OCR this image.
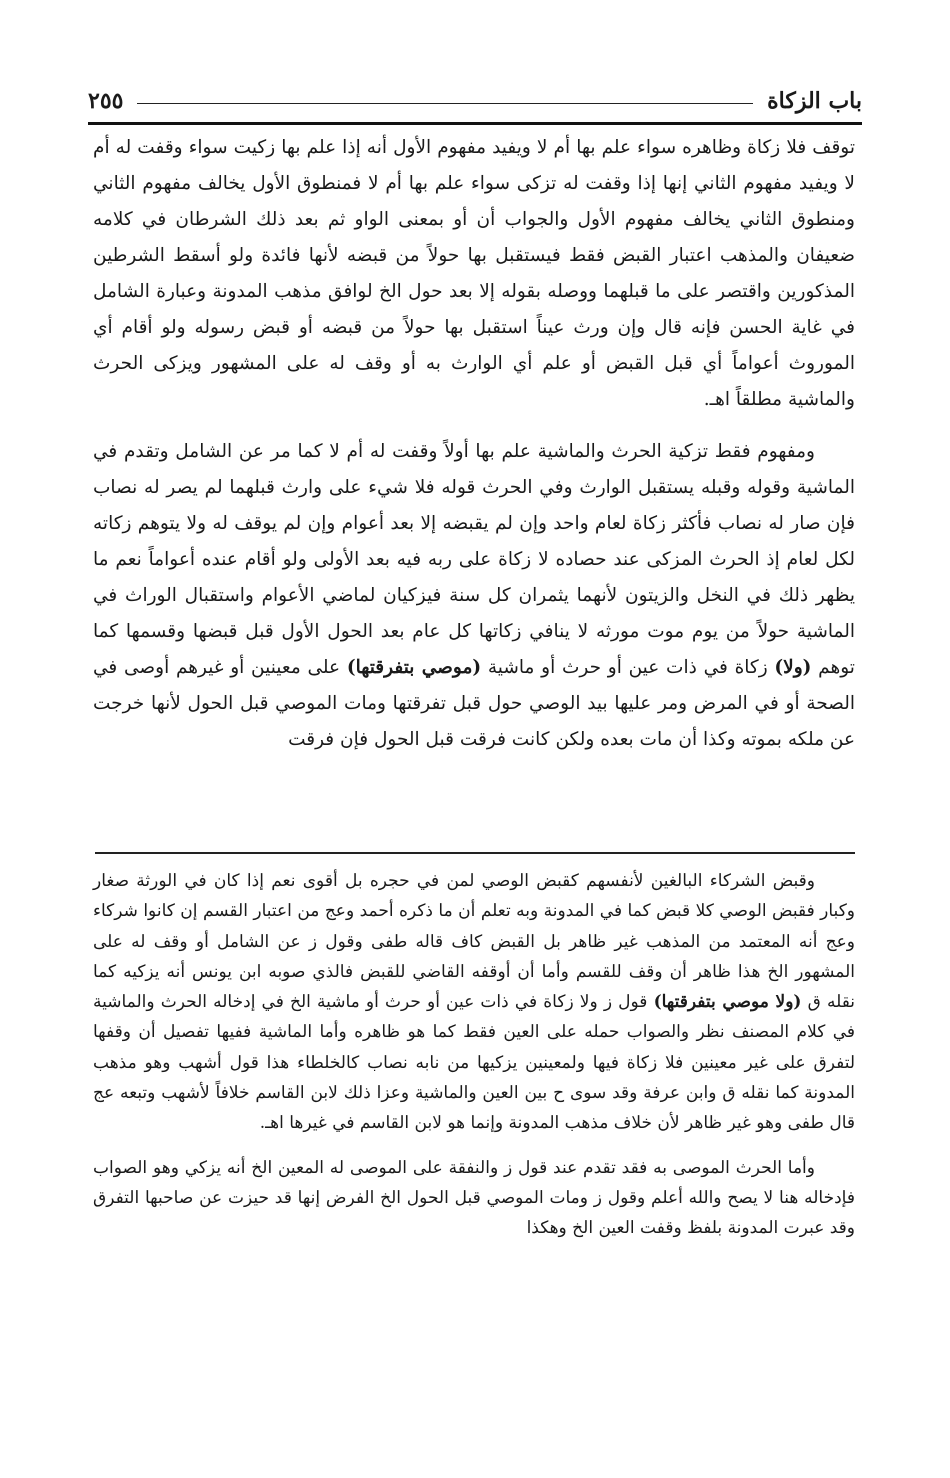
باب الزكاة
٢٥٥

توقف فلا زكاة وظاهره سواء علم بها أم لا ويفيد مفهوم الأول أنه إذا علم بها زكيت سواء وقفت له أم لا ويفيد مفهوم الثاني إنها إذا وقفت له تزكى سواء علم بها أم لا فمنطوق الأول يخالف مفهوم الثاني ومنطوق الثاني يخالف مفهوم الأول والجواب أن أو بمعنى الواو ثم بعد ذلك الشرطان في كلامه ضعيفان والمذهب اعتبار القبض فقط فيستقبل بها حولاً من قبضه لأنها فائدة ولو أسقط الشرطين المذكورين واقتصر على ما قبلهما ووصله بقوله إلا بعد حول الخ لوافق مذهب المدونة وعبارة الشامل في غاية الحسن فإنه قال وإن ورث عيناً استقبل بها حولاً من قبضه أو قبض رسوله ولو أقام أي الموروث أعواماً أي قبل القبض أو علم أي الوارث به أو وقف له على المشهور ويزكى الحرث والماشية مطلقاً اهـ.

ومفهوم فقط تزكية الحرث والماشية علم بها أولاً وقفت له أم لا كما مر عن الشامل وتقدم في الماشية وقوله وقبله يستقبل الوارث وفي الحرث قوله فلا شيء على وارث قبلهما لم يصر له نصاب فإن صار له نصاب فأكثر زكاة لعام واحد وإن لم يقبضه إلا بعد أعوام وإن لم يوقف له ولا يتوهم زكاته لكل لعام إذ الحرث المزكى عند حصاده لا زكاة على ربه فيه بعد الأولى ولو أقام عنده أعواماً نعم ما يظهر ذلك في النخل والزيتون لأنهما يثمران كل سنة فيزكيان لماضي الأعوام واستقبال الوراث في الماشية حولاً من يوم موت مورثه لا ينافي زكاتها كل عام بعد الحول الأول قبل قبضها وقسمها كما توهم (ولا) زكاة في ذات عين أو حرث أو ماشية (موصي بتفرقتها) على معينين أو غيرهم أوصى في الصحة أو في المرض ومر عليها بيد الوصي حول قبل تفرقتها ومات الموصي قبل الحول لأنها خرجت عن ملكه بموته وكذا أن مات بعده ولكن كانت فرقت قبل الحول فإن فرقت

وقبض الشركاء البالغين لأنفسهم كقبض الوصي لمن في حجره بل أقوى نعم إذا كان في الورثة صغار وكبار فقبض الوصي كلا قبض كما في المدونة وبه تعلم أن ما ذكره أحمد وعج من اعتبار القسم إن كانوا شركاء وعج أنه المعتمد من المذهب غير ظاهر بل القبض كاف قاله طفى وقول ز عن الشامل أو وقف له على المشهور الخ هذا ظاهر أن وقف للقسم وأما أن أوقفه القاضي للقبض فالذي صوبه ابن يونس أنه يزكيه كما نقله ق (ولا موصي بتفرقتها) قول ز ولا زكاة في ذات عين أو حرث أو ماشية الخ في إدخاله الحرث والماشية في كلام المصنف نظر والصواب حمله على العين فقط كما هو ظاهره وأما الماشية ففيها تفصيل أن وقفها لتفرق على غير معينين فلا زكاة فيها ولمعينين يزكيها من نابه نصاب كالخلطاء هذا قول أشهب وهو مذهب المدونة كما نقله ق وابن عرفة وقد سوى ح بين العين والماشية وعزا ذلك لابن القاسم خلافاً لأشهب وتبعه عج قال طفى وهو غير ظاهر لأن خلاف مذهب المدونة وإنما هو لابن القاسم في غيرها اهـ.

وأما الحرث الموصى به فقد تقدم عند قول ز والنفقة على الموصى له المعين الخ أنه يزكي وهو الصواب فإدخاله هنا لا يصح والله أعلم وقول ز ومات الموصي قبل الحول الخ الفرض إنها قد حيزت عن صاحبها التفرق وقد عبرت المدونة بلفظ وقفت العين الخ وهكذا
